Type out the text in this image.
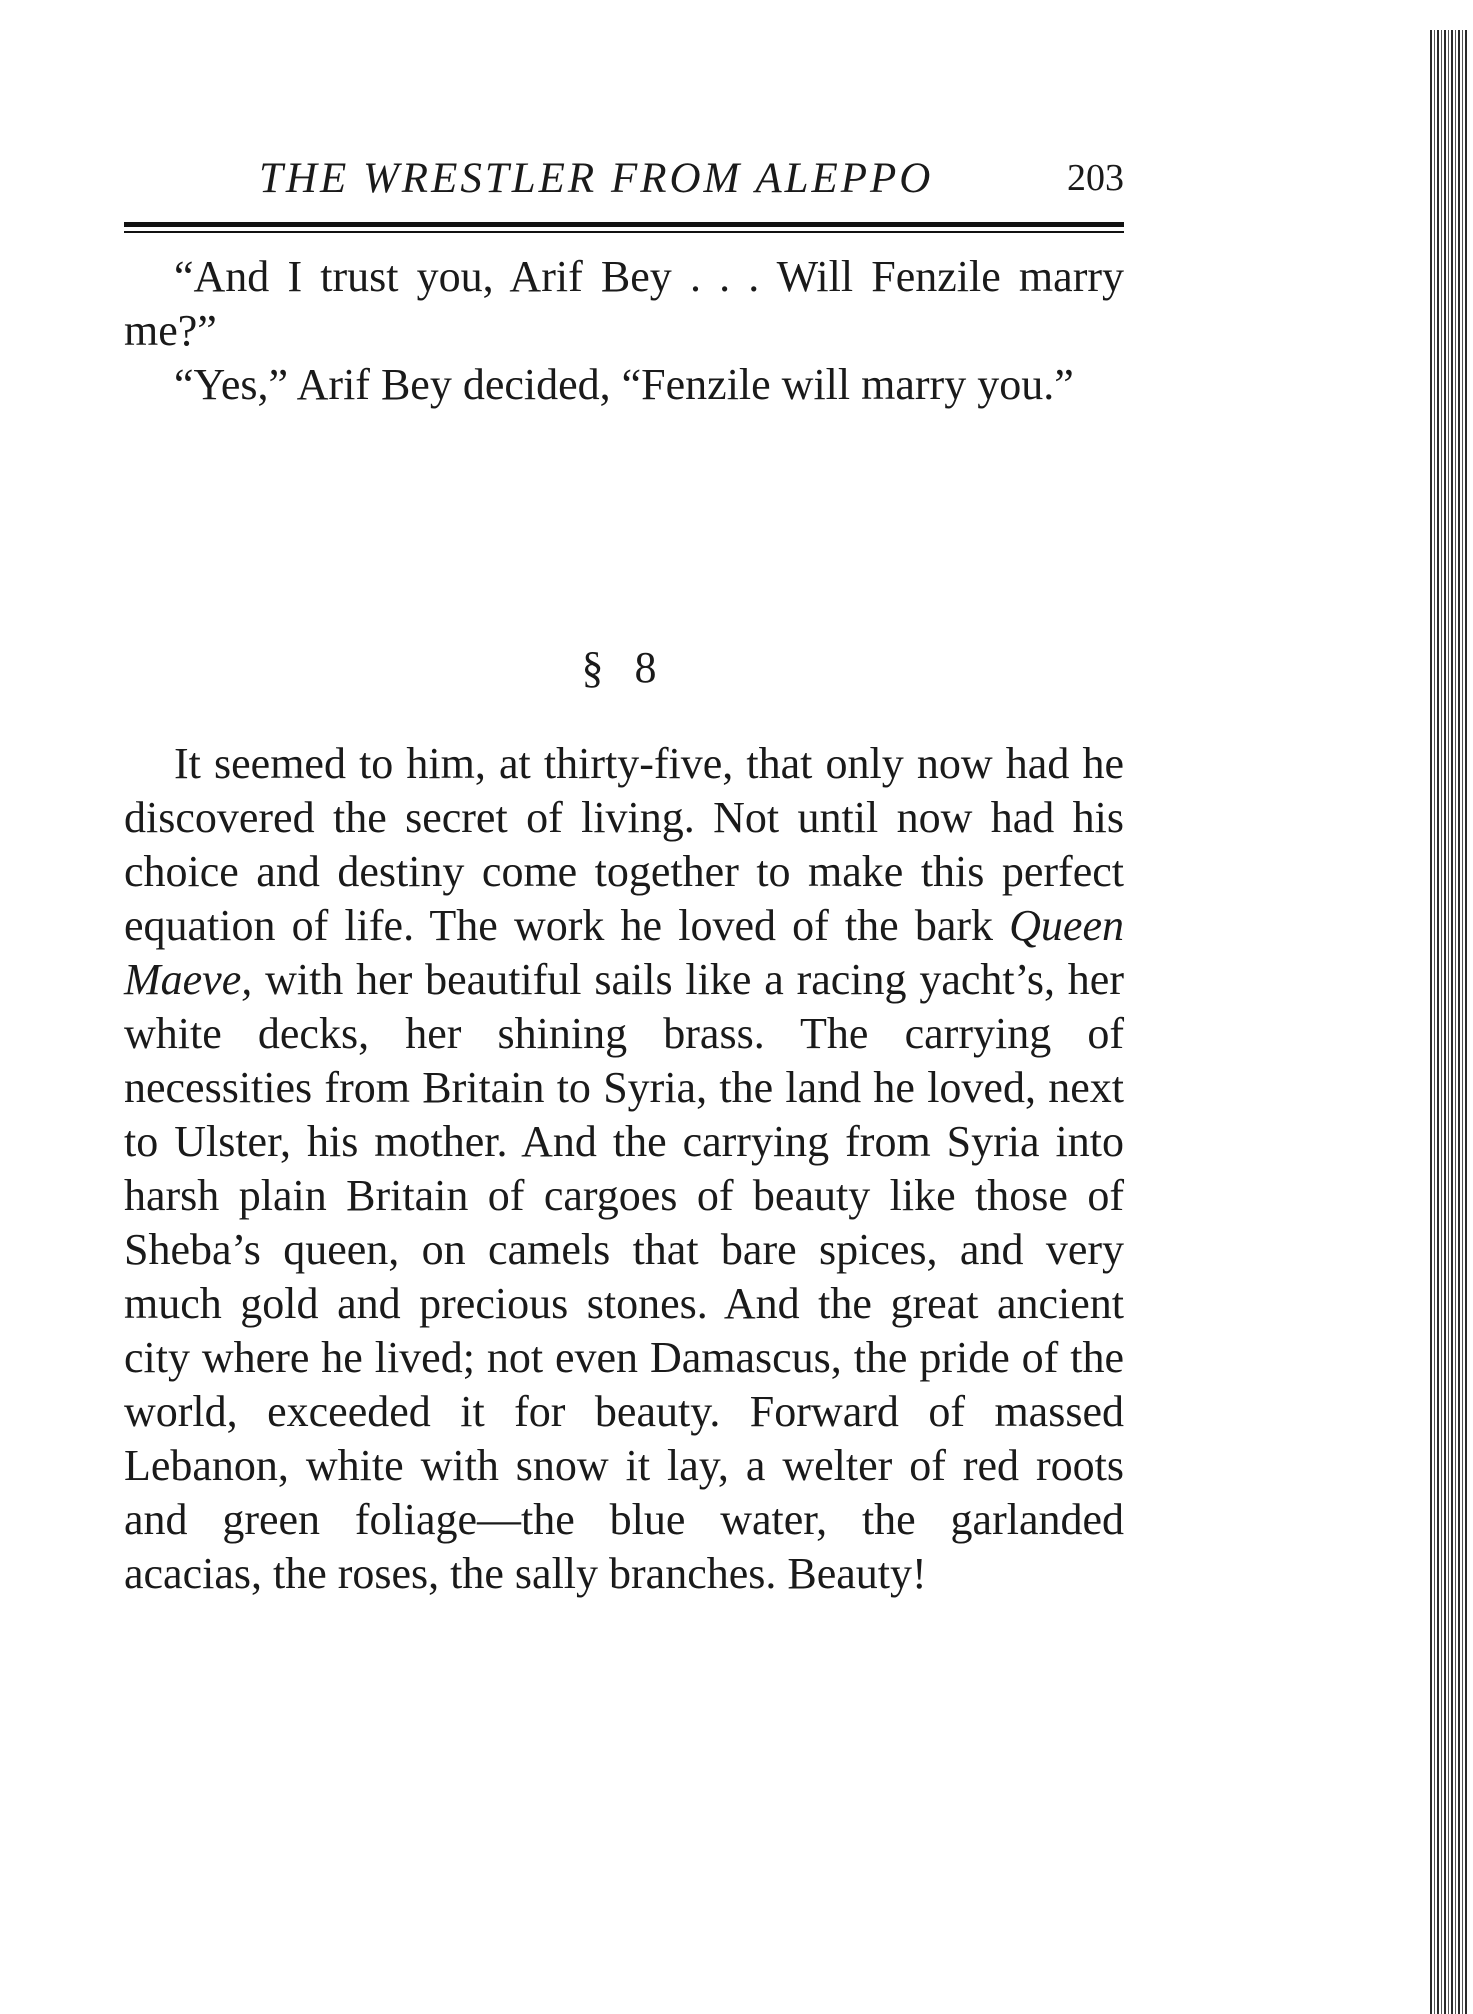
THE WRESTLER FROM ALEPPO	203

“And I trust you, Arif Bey . . . Will Fenzile marry me?”

“Yes,” Arif Bey decided, “Fenzile will marry you.”

§ 8

It seemed to him, at thirty-five, that only now had he discovered the secret of living. Not until now had his choice and destiny come together to make this perfect equation of life. The work he loved of the bark Queen Maeve, with her beautiful sails like a racing yacht’s, her white decks, her shining brass. The carrying of necessities from Britain to Syria, the land he loved, next to Ulster, his mother. And the carrying from Syria into harsh plain Britain of cargoes of beauty like those of Sheba’s queen, on camels that bare spices, and very much gold and precious stones. And the great ancient city where he lived; not even Damascus, the pride of the world, exceeded it for beauty. Forward of massed Lebanon, white with snow it lay, a welter of red roots and green foliage—the blue water, the garlanded acacias, the roses, the sally branches. Beauty!
